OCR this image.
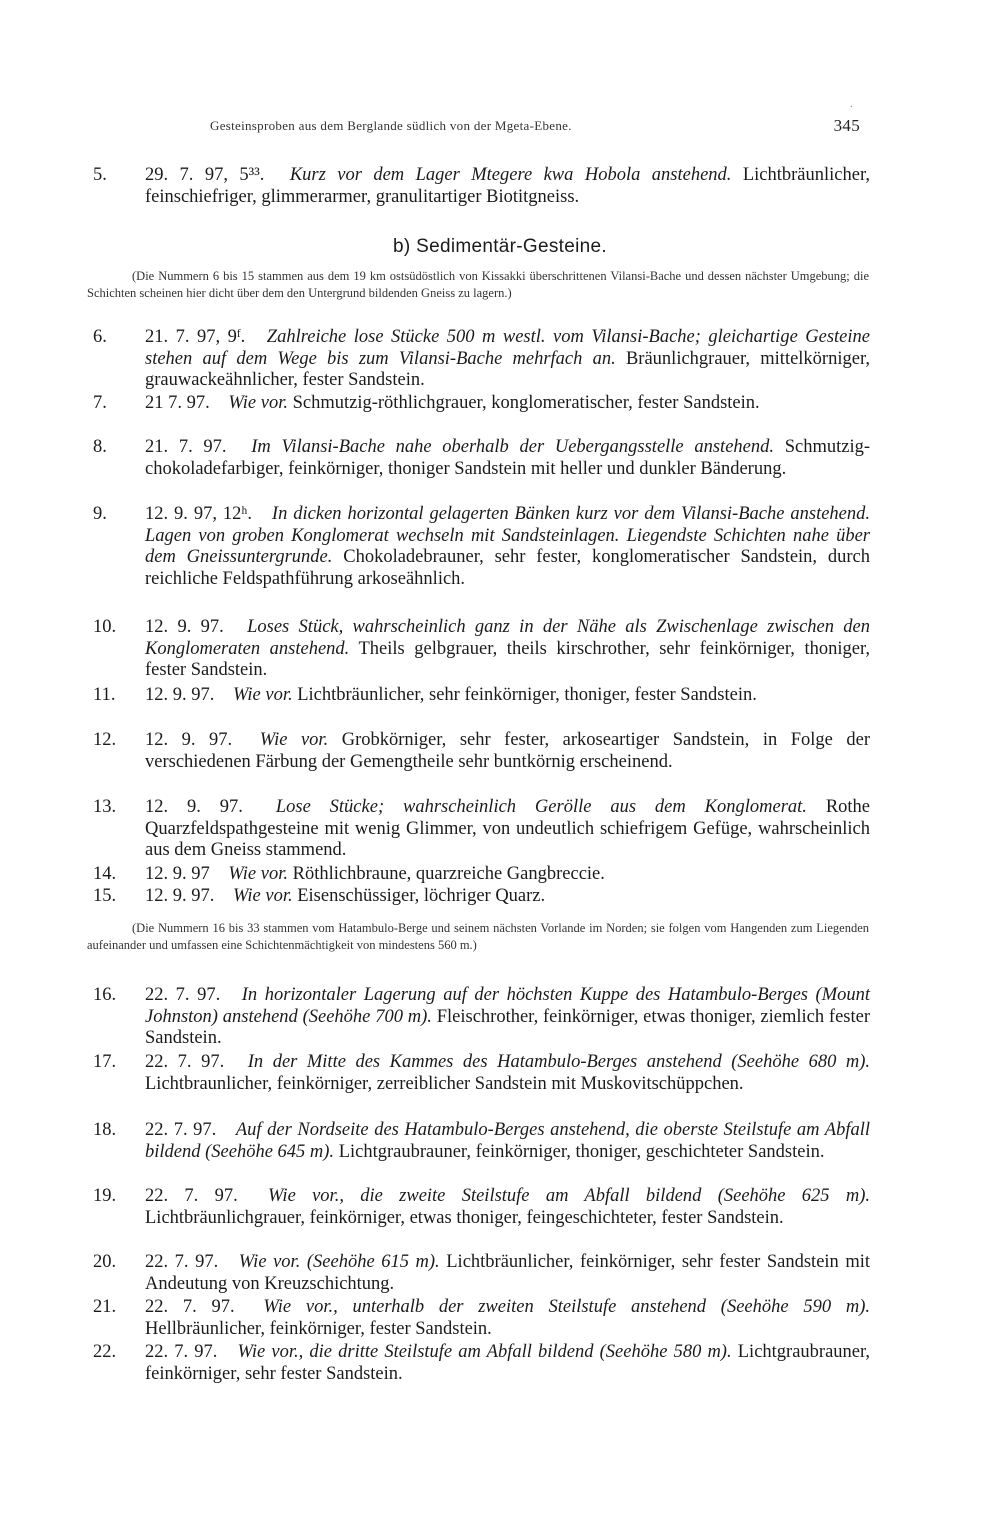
.
Gesteinsproben aus dem Berglande südlich von der Mgeta-Ebene.	345
5. 29. 7. 97, 5³³. Kurz vor dem Lager Mtegere kwa Hobola anstehend. Lichtbräunlicher, feinschiefriger, glimmerarmer, granulitartiger Biotitgneiss.
b) Sedimentär-Gesteine.
(Die Nummern 6 bis 15 stammen aus dem 19 km ostsüdöstlich von Kissakki überschrittenen Vilansi-Bache und dessen nächster Umgebung; die Schichten scheinen hier dicht über dem den Untergrund bildenden Gneiss zu lagern.)
6. 21. 7. 97, 9ᶠ. Zahlreiche lose Stücke 500 m westl. vom Vilansi-Bache; gleichartige Gesteine stehen auf dem Wege bis zum Vilansi-Bache mehrfach an. Bräunlichgrauer, mittelkörniger, grauwackeähnlicher, fester Sandstein.
7. 21 7. 97. Wie vor. Schmutzig-röthlichgrauer, konglomeratischer, fester Sandstein.
8. 21. 7. 97. Im Vilansi-Bache nahe oberhalb der Uebergangsstelle anstehend. Schmutzig-chokoladefarbiger, feinkörniger, thoniger Sandstein mit heller und dunkler Bänderung.
9. 12. 9. 97, 12ʰ. In dicken horizontal gelagerten Bänken kurz vor dem Vilansi-Bache anstehend. Lagen von groben Konglomerat wechseln mit Sandsteinlagen. Liegendste Schichten nahe über dem Gneissuntergrunde. Chokoladebrauner, sehr fester, konglomeratischer Sandstein, durch reichliche Feldspathführung arkoseähnlich.
10. 12. 9. 97. Loses Stück, wahrscheinlich ganz in der Nähe als Zwischenlage zwischen den Konglomeraten anstehend. Theils gelbgrauer, theils kirschrother, sehr feinkörniger, thoniger, fester Sandstein.
11. 12. 9. 97. Wie vor. Lichtbräunlicher, sehr feinkörniger, thoniger, fester Sandstein.
12. 12. 9. 97. Wie vor. Grobkörniger, sehr fester, arkoseartiger Sandstein, in Folge der verschiedenen Färbung der Gemengtheile sehr buntkörnig erscheinend.
13. 12. 9. 97. Lose Stücke; wahrscheinlich Gerölle aus dem Konglomerat. Rothe Quarzfeldspathgesteine mit wenig Glimmer, von undeutlich schiefrigem Gefüge, wahrscheinlich aus dem Gneiss stammend.
14. 12. 9. 97 Wie vor. Röthlichbraune, quarzreiche Gangbreccie.
15. 12. 9. 97. Wie vor. Eisenschüssiger, löchriger Quarz.
(Die Nummern 16 bis 33 stammen vom Hatambulo-Berge und seinem nächsten Vorlande im Norden; sie folgen vom Hangenden zum Liegenden aufeinander und umfassen eine Schichtenmächtigkeit von mindestens 560 m.)
16. 22. 7. 97. In horizontaler Lagerung auf der höchsten Kuppe des Hatambulo-Berges (Mount Johnston) anstehend (Seehöhe 700 m). Fleischrother, feinkörniger, etwas thoniger, ziemlich fester Sandstein.
17. 22. 7. 97. In der Mitte des Kammes des Hatambulo-Berges anstehend (Seehöhe 680 m). Lichtbraunlicher, feinkörniger, zerreiblicher Sandstein mit Muskovitschüppchen.
18. 22. 7. 97. Auf der Nordseite des Hatambulo-Berges anstehend, die oberste Steilstufe am Abfall bildend (Seehöhe 645 m). Lichtgraubrauner, feinkörniger, thoniger, geschichteter Sandstein.
19. 22. 7. 97. Wie vor., die zweite Steilstufe am Abfall bildend (Seehöhe 625 m). Lichtbräunlichgrauer, feinkörniger, etwas thoniger, feingeschichteter, fester Sandstein.
20. 22. 7. 97. Wie vor. (Seehöhe 615 m). Lichtbräunlicher, feinkörniger, sehr fester Sandstein mit Andeutung von Kreuzschichtung.
21. 22. 7. 97. Wie vor., unterhalb der zweiten Steilstufe anstehend (Seehöhe 590 m). Hellbräunlicher, feinkörniger, fester Sandstein.
22. 22. 7. 97. Wie vor., die dritte Steilstufe am Abfall bildend (Seehöhe 580 m). Lichtgraubrauner, feinkörniger, sehr fester Sandstein.
